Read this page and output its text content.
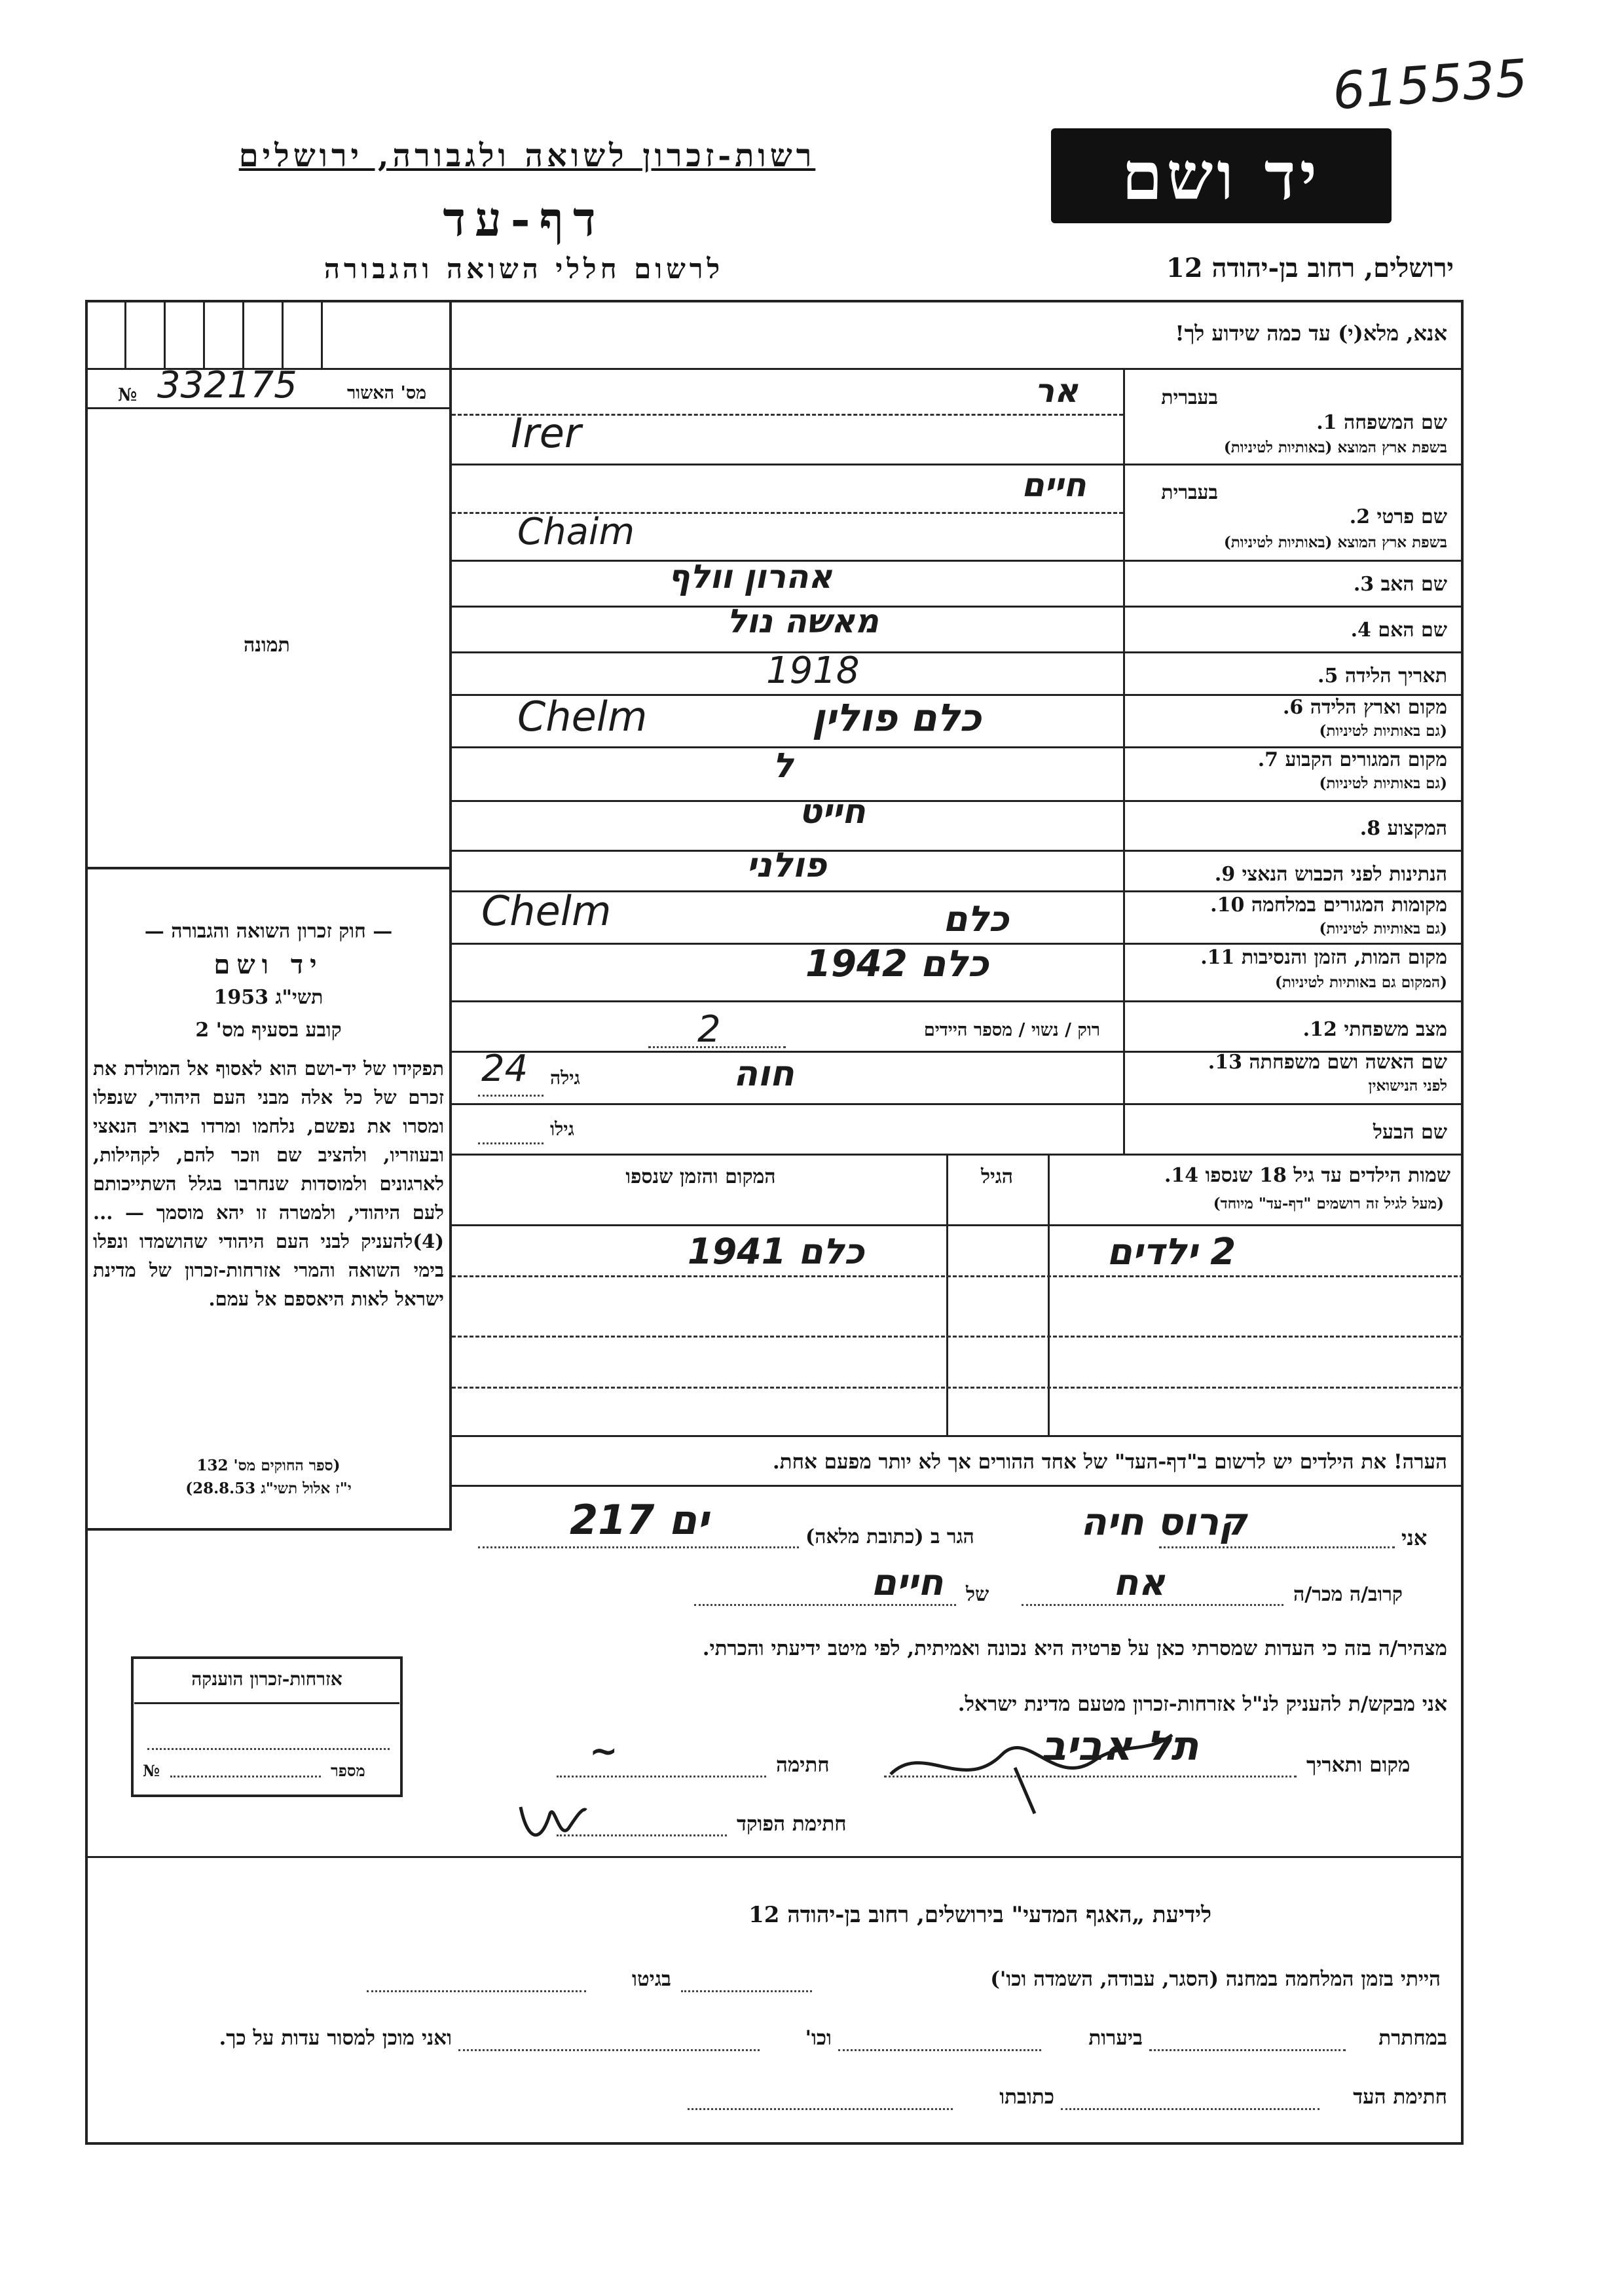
615535
רשות-זכרון לשואה ולגבורה, ירושלים
דף-עד
לרשום חללי השואה והגבורה
יד ושם
ירושלים, רחוב בן-יהודה 12
מס' האשור
№ 332175
תמונה
— חוק זכרון השואה והגבורה —
יד ושם
תשי"ג 1953
קובע בסעיף מס' 2
תפקידו של יד-ושם הוא לאסוף אל המולדת את זכרם של כל אלה מבני העם היהודי, שנפלו ומסרו את נפשם, נלחמו ומרדו באויב הנאצי ובעוזריו, ולהציב שם וזכר להם, לקהילות, לארגונים ולמוסדות שנחרבו בגלל השתייכותם לעם היהודי, ולמטרה זו יהא מוסמך — ...(4)להעניק לבני העם היהודי שהושמדו ונפלו בימי השואה והמרי אזרחות-זכרון של מדינת ישראל לאות היאספם אל עמם.
(ספר החוקים מס' 132
י"ז אלול תשי"ג 28.8.53)
אנא, מלא(י) עד כמה שידוע לך!
בעברית
שם המשפחה 1.
בשפת ארץ המוצא (באותיות לטיניות)
אר
Irer
בעברית
שם פרטי 2.
בשפת ארץ המוצא (באותיות לטיניות)
חיים
Chaim
שם האב 3.
אהרון וולף
שם האם 4.
מאשה נול
תאריך הלידה 5.
1918
מקום וארץ הלידה 6.
(גם באותיות לטיניות)
Chelm	כלם פולין
מקום המגורים הקבוע 7.
(גם באותיות לטיניות)
ל
המקצוע 8.
חייט
הנתינות לפני הכבוש הנאצי 9.
פולני
מקומות המגורים במלחמה 10.
(גם באותיות לטיניות)
Chelm	כלם
מקום המות, הזמן והנסיבות 11.
(המקום גם באותיות לטיניות)
כלם 1942
מצב משפחתי 12.
רוק / נשוי / מספר היידים
2
שם האשה ושם משפחתה 13.
לפני הנישואין
חוה
גילה
24
שם הבעל
גילו
שמות הילדים עד גיל 18 שנספו 14.
(מעל לגיל זה רושמים "דף-עד" מיוחד)
הגיל
המקום והזמן שנספו
2 ילדים
כלם 1941
הערה! את הילדים יש לרשום ב"דף-העד" של אחד ההורים אך לא יותר מפעם אחת.
אני
קרוס חיה
הגר ב (כתובת מלאה)
ים 217
קרוב/ה מכר/ה
אח
של
חיים
מצהיר/ה בזה כי העדות שמסרתי כאן על פרטיה היא נכונה ואמיתית, לפי מיטב ידיעתי והכרתי.
אני מבקש/ת להעניק לנ"ל אזרחות-זכרון מטעם מדינת ישראל.
מקום ותאריך
תל אביב
חתימה
~
חתימת הפוקד
אזרחות-זכרון הוענקה
מספר
№
לידיעת „האגף המדעי" בירושלים, רחוב בן-יהודה 12
הייתי בזמן המלחמה במחנה (הסגר, עבודה, השמדה וכו')
בגיטו
במחתרת
ביערות
וכו'
ואני מוכן למסור עדות על כך.
חתימת העד
כתובתו
